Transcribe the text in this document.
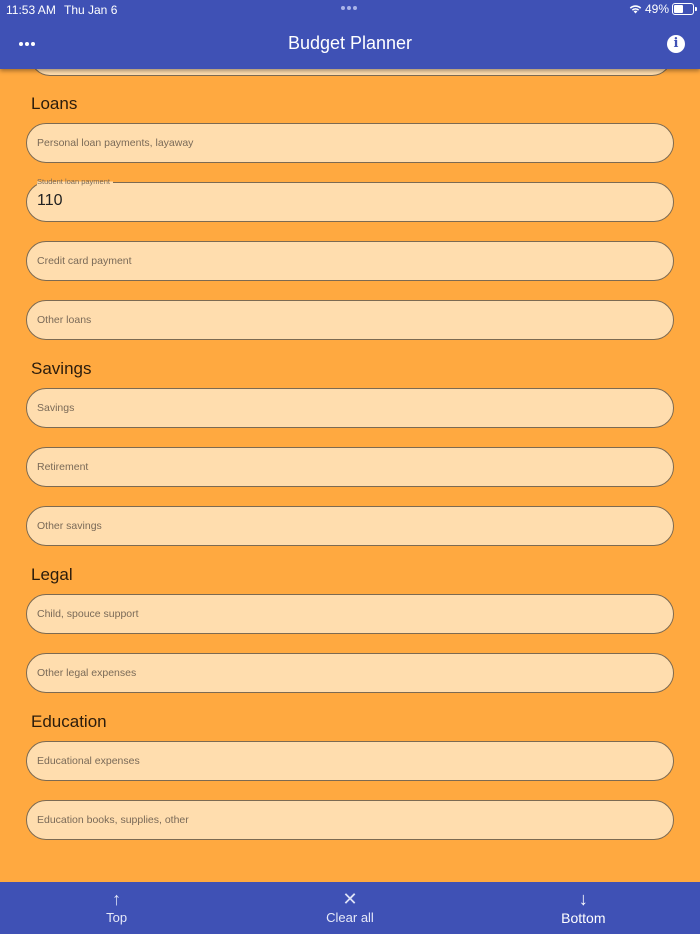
11:53 AM Thu Jan 6	49%
Budget Planner	i
Loans
Personal loan payments, layaway
Student loan payment
110
Credit card payment
Other loans
Savings
Savings
Retirement
Other savings
Legal
Child, spouce support
Other legal expenses
Education
Educational expenses
Education books, supplies, other
↑
Top
✕
Clear all
↓
Bottom
